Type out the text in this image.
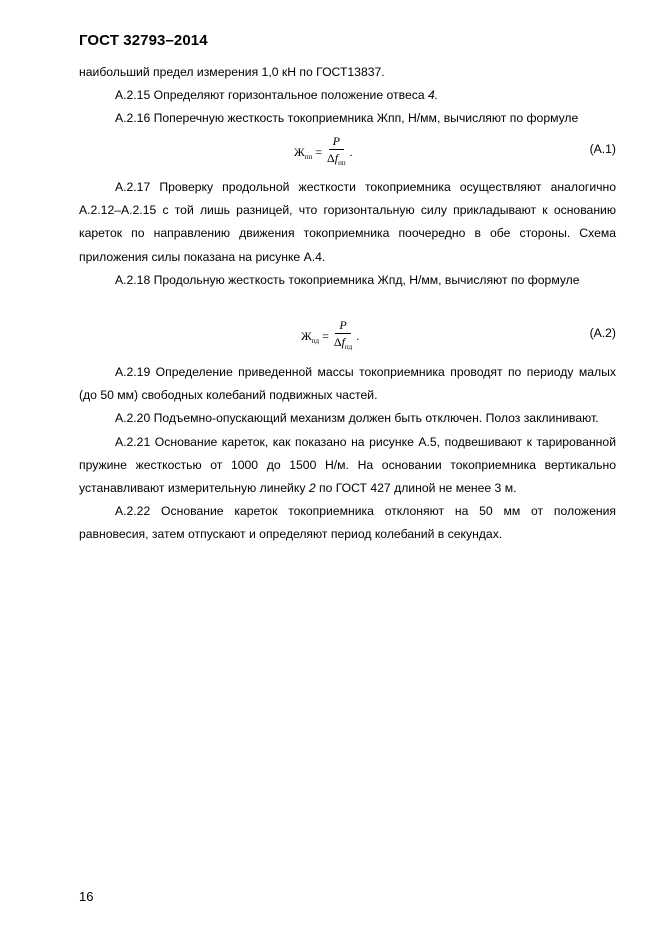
ГОСТ 32793–2014

наибольший предел измерения 1,0 кН по ГОСТ13837.

А.2.15 Определяют горизонтальное положение отвеса 4.

А.2.16 Поперечную жесткость токоприемника Жпп, Н/мм, вычисляют по формуле

$Ж_{пп} = \frac{P}{\Delta f_{пп}}$ .	(А.1)

А.2.17 Проверку продольной жесткости токоприемника осуществляют аналогично А.2.12–А.2.15 с той лишь разницей, что горизонтальную силу прикладывают к основанию кареток по направлению движения токоприемника поочередно в обе стороны. Схема приложения силы показана на рисунке А.4.

А.2.18 Продольную жесткость токоприемника Жпд, Н/мм, вычисляют по формуле

$Ж_{пд} = \frac{P}{\Delta f_{пд}}$ .	(А.2)

А.2.19 Определение приведенной массы токоприемника проводят по периоду малых (до 50 мм) свободных колебаний подвижных частей.

А.2.20 Подъемно-опускающий механизм должен быть отключен. Полоз заклинивают.

А.2.21 Основание кареток, как показано на рисунке А.5, подвешивают к тарированной пружине жесткостью от 1000 до 1500 Н/м. На основании токоприемника вертикально устанавливают измерительную линейку 2 по ГОСТ 427 длиной не менее 3 м.

А.2.22 Основание кареток токоприемника отклоняют на 50 мм от положения равновесия, затем отпускают и определяют период колебаний в секундах.

16
